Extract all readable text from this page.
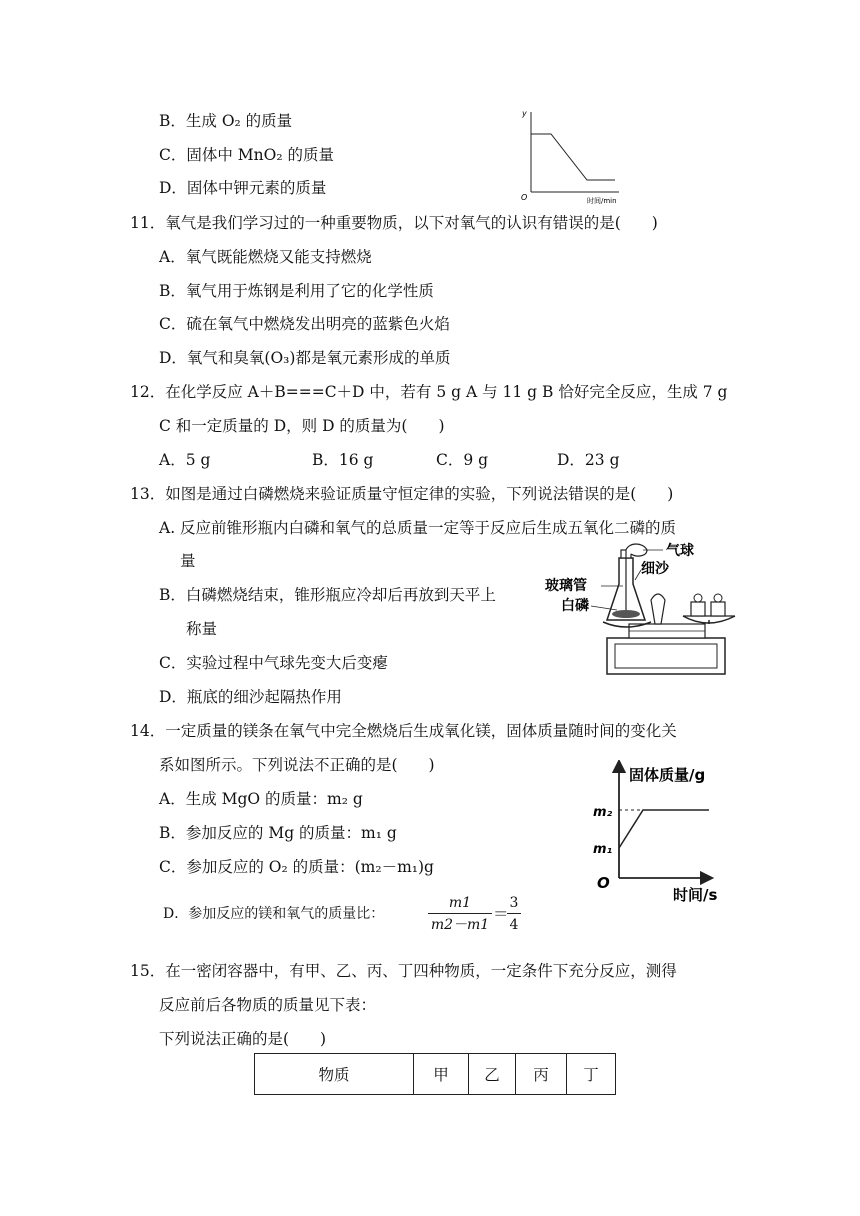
B．生成 O₂ 的质量
C．固体中 MnO₂ 的质量
D．固体中钾元素的质量
y
O	时间/min
11．氧气是我们学习过的一种重要物质，以下对氧气的认识有错误的是(　　)
A．氧气既能燃烧又能支持燃烧
B．氧气用于炼钢是利用了它的化学性质
C．硫在氧气中燃烧发出明亮的蓝紫色火焰
D．氧气和臭氧(O₃)都是氧元素形成的单质
12．在化学反应 A＋B===C＋D 中，若有 5 g A 与 11 g B 恰好完全反应，生成 7 g
C 和一定质量的 D，则 D 的质量为(　　)
A．5 g	B．16 g	C．9 g	D．23 g
13．如图是通过白磷燃烧来验证质量守恒定律的实验，下列说法错误的是(　　)
A. 反应前锥形瓶内白磷和氧气的总质量一定等于反应后生成五氧化二磷的质
量
B．白磷燃烧结束，锥形瓶应冷却后再放到天平上
称量
C．实验过程中气球先变大后变瘪
D．瓶底的细沙起隔热作用
气球
细沙
玻璃管
白磷
14．一定质量的镁条在氧气中完全燃烧后生成氧化镁，固体质量随时间的变化关
系如图所示。下列说法不正确的是(　　)
A．生成 MgO 的质量：m₂ g
B．参加反应的 Mg 的质量：m₁ g
C．参加反应的 O₂ 的质量：(m₂－m₁)g
D．参加反应的镁和氧气的质量比：	$\frac{m1}{m2-m1}$ ＝
$\frac{3}{4}$
固体质量/g
m₂
m₁
O
时间/s
15．在一密闭容器中，有甲、乙、丙、丁四种物质，一定条件下充分反应，测得
反应前后各物质的质量见下表：
下列说法正确的是(　　)
物质	甲	乙	丙	丁
